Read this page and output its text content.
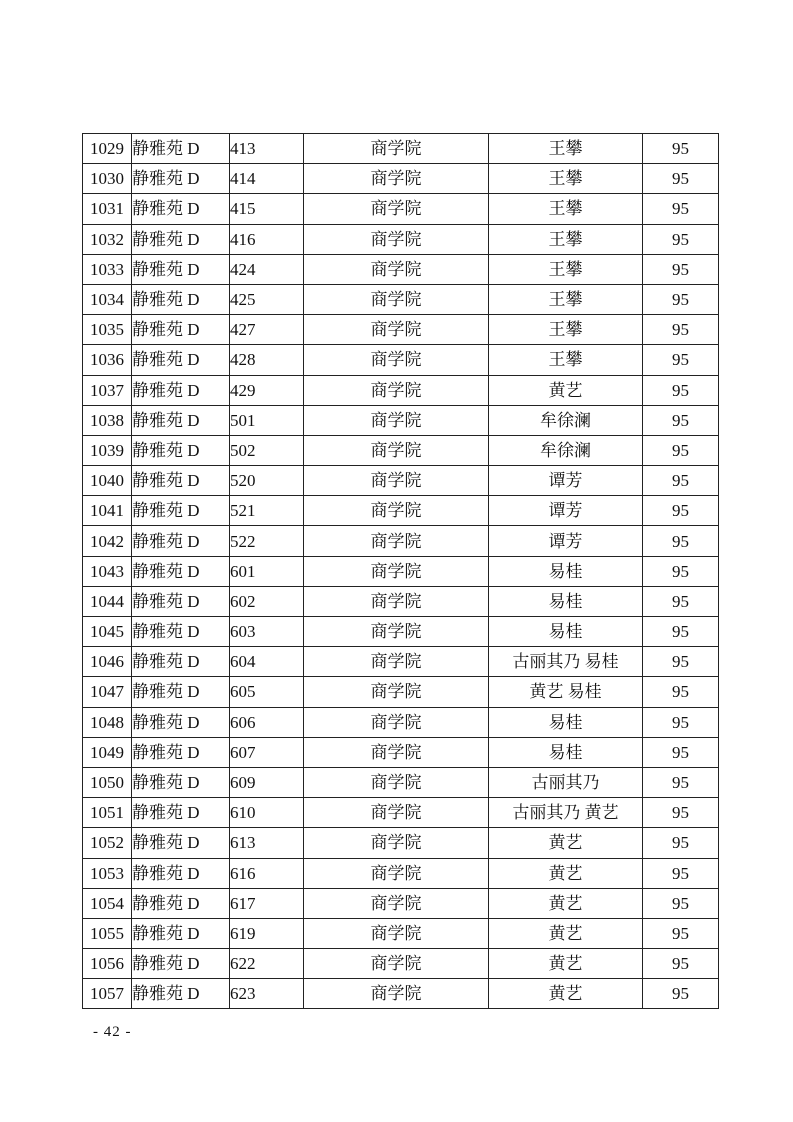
1029	静雅苑 D	413	商学院	王攀	95
1030	静雅苑 D	414	商学院	王攀	95
1031	静雅苑 D	415	商学院	王攀	95
1032	静雅苑 D	416	商学院	王攀	95
1033	静雅苑 D	424	商学院	王攀	95
1034	静雅苑 D	425	商学院	王攀	95
1035	静雅苑 D	427	商学院	王攀	95
1036	静雅苑 D	428	商学院	王攀	95
1037	静雅苑 D	429	商学院	黄艺	95
1038	静雅苑 D	501	商学院	牟徐澜	95
1039	静雅苑 D	502	商学院	牟徐澜	95
1040	静雅苑 D	520	商学院	谭芳	95
1041	静雅苑 D	521	商学院	谭芳	95
1042	静雅苑 D	522	商学院	谭芳	95
1043	静雅苑 D	601	商学院	易桂	95
1044	静雅苑 D	602	商学院	易桂	95
1045	静雅苑 D	603	商学院	易桂	95
1046	静雅苑 D	604	商学院	古丽其乃 易桂	95
1047	静雅苑 D	605	商学院	黄艺 易桂	95
1048	静雅苑 D	606	商学院	易桂	95
1049	静雅苑 D	607	商学院	易桂	95
1050	静雅苑 D	609	商学院	古丽其乃	95
1051	静雅苑 D	610	商学院	古丽其乃 黄艺	95
1052	静雅苑 D	613	商学院	黄艺	95
1053	静雅苑 D	616	商学院	黄艺	95
1054	静雅苑 D	617	商学院	黄艺	95
1055	静雅苑 D	619	商学院	黄艺	95
1056	静雅苑 D	622	商学院	黄艺	95
1057	静雅苑 D	623	商学院	黄艺	95
- 42 -
